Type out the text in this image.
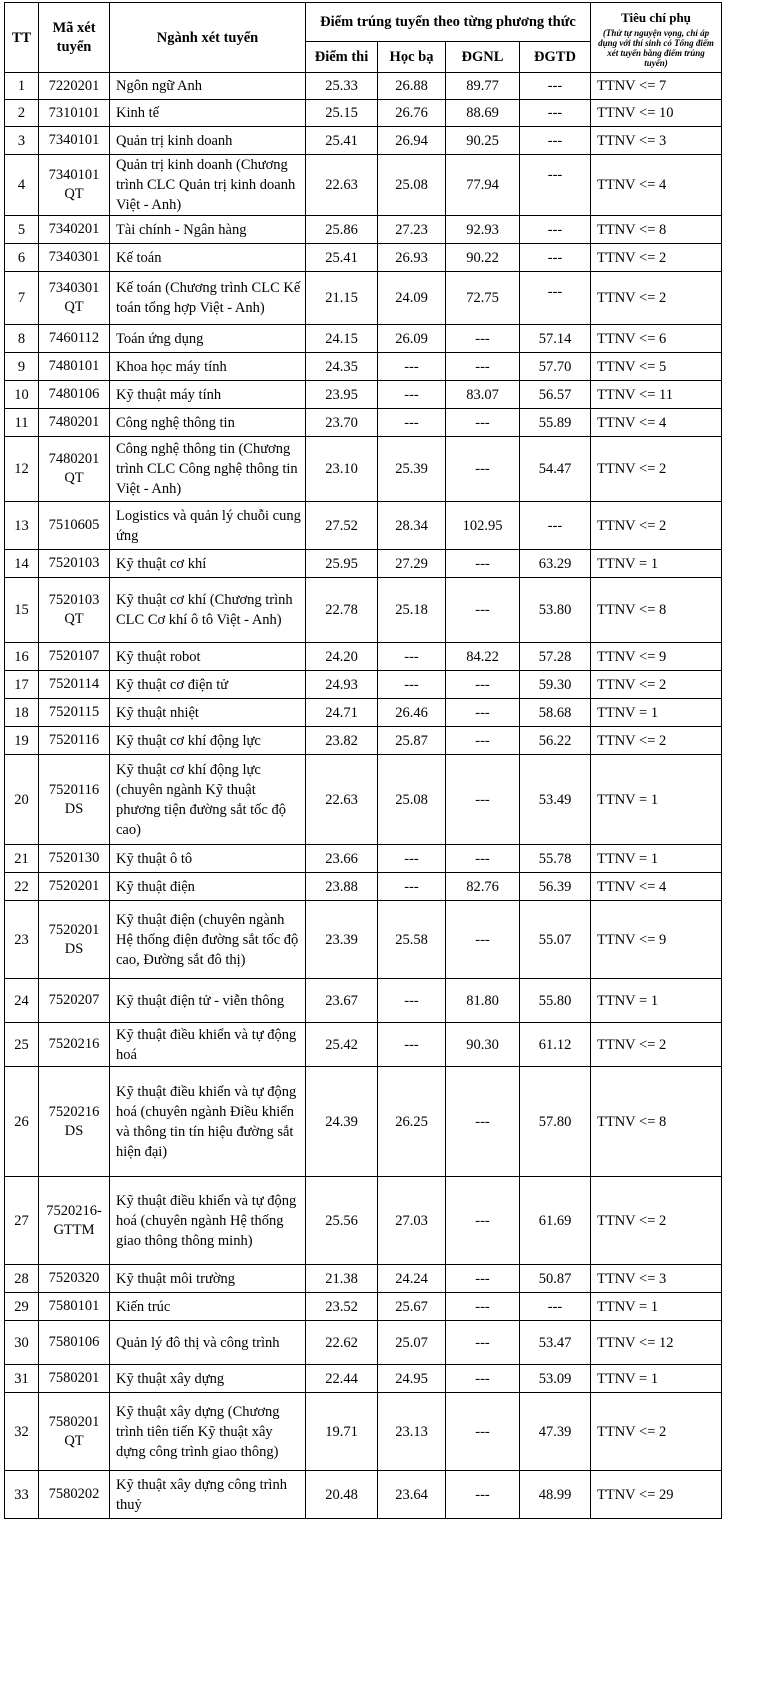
TT	Mã xét tuyển	Ngành xét tuyển	Điểm trúng tuyển theo từng phương thức				Tiêu chí phụ
(Thứ tự nguyện vọng, chỉ áp dụng với thí sinh có Tổng điểm xét tuyển bằng điểm trúng tuyển)

			Điểm thi	Học bạ	ĐGNL	ĐGTD	
1	7220201	Ngôn ngữ Anh	25.33	26.88	89.77	---	TTNV <= 7
2	7310101	Kinh tế	25.15	26.76	88.69	---	TTNV <= 10
3	7340101	Quản trị kinh doanh	25.41	26.94	90.25	---	TTNV <= 3
4	7340101 QT	Quản trị kinh doanh (Chương trình CLC Quản trị kinh doanh Việt - Anh)	22.63	25.08	77.94	---	TTNV <= 4
5	7340201	Tài chính - Ngân hàng	25.86	27.23	92.93	---	TTNV <= 8
6	7340301	Kế toán	25.41	26.93	90.22	---	TTNV <= 2
7	7340301 QT	Kế toán (Chương trình CLC Kế toán tổng hợp Việt - Anh)	21.15	24.09	72.75	---	TTNV <= 2
8	7460112	Toán ứng dụng	24.15	26.09	---	57.14	TTNV <= 6
9	7480101	Khoa học máy tính	24.35	---	---	57.70	TTNV <= 5
10	7480106	Kỹ thuật máy tính	23.95	---	83.07	56.57	TTNV <= 11
11	7480201	Công nghệ thông tin	23.70	---	---	55.89	TTNV <= 4
12	7480201 QT	Công nghệ thông tin (Chương trình CLC Công nghệ thông tin Việt - Anh)	23.10	25.39	---	54.47	TTNV <= 2
13	7510605	Logistics và quản lý chuỗi cung ứng	27.52	28.34	102.95	---	TTNV <= 2
14	7520103	Kỹ thuật cơ khí	25.95	27.29	---	63.29	TTNV = 1
15	7520103 QT	Kỹ thuật cơ khí (Chương trình CLC Cơ khí ô tô Việt - Anh)	22.78	25.18	---	53.80	TTNV <= 8
16	7520107	Kỹ thuật robot	24.20	---	84.22	57.28	TTNV <= 9
17	7520114	Kỹ thuật cơ điện tử	24.93	---	---	59.30	TTNV <= 2
18	7520115	Kỹ thuật nhiệt	24.71	26.46	---	58.68	TTNV = 1
19	7520116	Kỹ thuật cơ khí động lực	23.82	25.87	---	56.22	TTNV <= 2
20	7520116 DS	Kỹ thuật cơ khí động lực (chuyên ngành Kỹ thuật phương tiện đường sắt tốc độ cao)	22.63	25.08	---	53.49	TTNV = 1
21	7520130	Kỹ thuật ô tô	23.66	---	---	55.78	TTNV = 1
22	7520201	Kỹ thuật điện	23.88	---	82.76	56.39	TTNV <= 4
23	7520201 DS	Kỹ thuật điện (chuyên ngành Hệ thống điện đường sắt tốc độ cao, Đường sắt đô thị)	23.39	25.58	---	55.07	TTNV <= 9
24	7520207	Kỹ thuật điện tử - viễn thông	23.67	---	81.80	55.80	TTNV = 1
25	7520216	Kỹ thuật điều khiển và tự động hoá	25.42	---	90.30	61.12	TTNV <= 2
26	7520216 DS	Kỹ thuật điều khiển và tự động hoá (chuyên ngành Điều khiển và thông tin tín hiệu đường sắt hiện đại)	24.39	26.25	---	57.80	TTNV <= 8
27	7520216- GTTM	Kỹ thuật điều khiển và tự động hoá (chuyên ngành Hệ thống giao thông thông minh)	25.56	27.03	---	61.69	TTNV <= 2
28	7520320	Kỹ thuật môi trường	21.38	24.24	---	50.87	TTNV <= 3
29	7580101	Kiến trúc	23.52	25.67	---	---	TTNV = 1
30	7580106	Quản lý đô thị và công trình	22.62	25.07	---	53.47	TTNV <= 12
31	7580201	Kỹ thuật xây dựng	22.44	24.95	---	53.09	TTNV = 1
32	7580201 QT	Kỹ thuật xây dựng (Chương trình tiên tiến Kỹ thuật xây dựng công trình giao thông)	19.71	23.13	---	47.39	TTNV <= 2
33	7580202	Kỹ thuật xây dựng công trình thuỷ	20.48	23.64	---	48.99	TTNV <= 29
